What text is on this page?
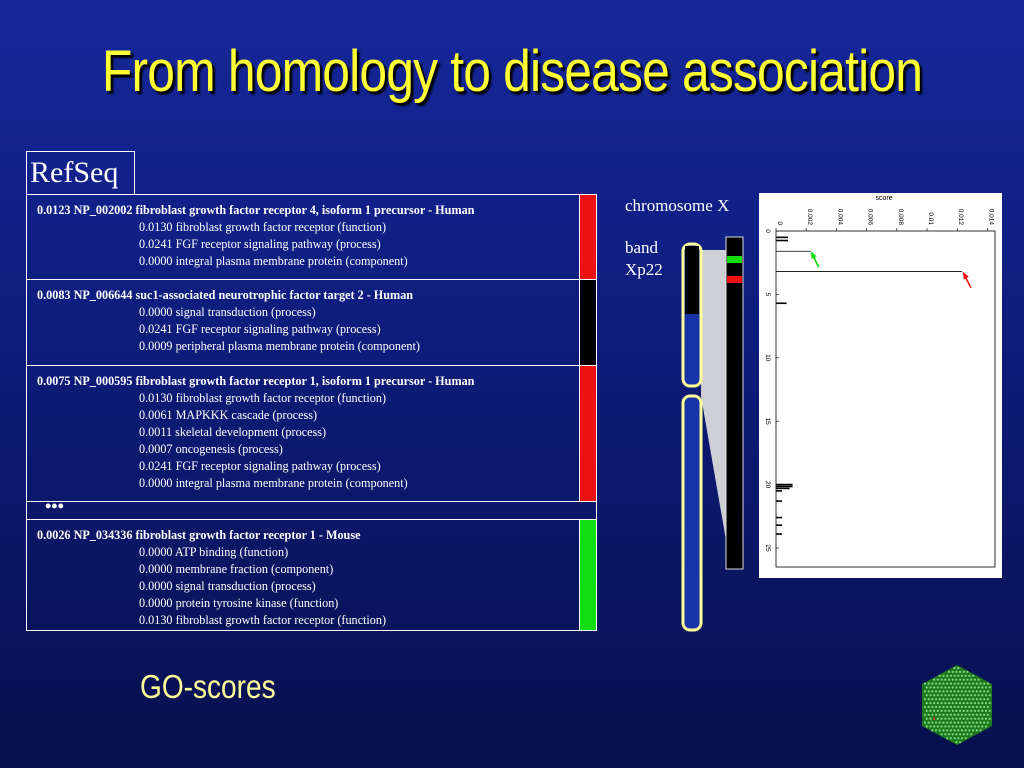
From homology to disease association
RefSeq
0.0123 NP_002002 fibroblast growth factor receptor 4, isoform 1 precursor - Human
0.0130 fibroblast growth factor receptor (function)
0.0241 FGF receptor signaling pathway (process)
0.0000 integral plasma membrane protein (component)
0.0083 NP_006644 suc1-associated neurotrophic factor target 2 - Human
0.0000 signal transduction (process)
0.0241 FGF receptor signaling pathway (process)
0.0009 peripheral plasma membrane protein (component)
0.0075 NP_000595 fibroblast growth factor receptor 1, isoform 1 precursor - Human
0.0130 fibroblast growth factor receptor (function)
0.0061 MAPKKK cascade (process)
0.0011 skeletal development (process)
0.0007 oncogenesis (process)
0.0241 FGF receptor signaling pathway (process)
0.0000 integral plasma membrane protein (component)
•••
0.0026 NP_034336 fibroblast growth factor receptor 1 - Mouse
0.0000 ATP binding (function)
0.0000 membrane fraction (component)
0.0000 signal transduction (process)
0.0000 protein tyrosine kinase (function)
0.0130 fibroblast growth factor receptor (function)
chromosome X
band
Xp22
score
0	0.002	0.004	0.006	0.008	0.01	0.012	0.014
0
5
10
15
20
25
GO-scores
